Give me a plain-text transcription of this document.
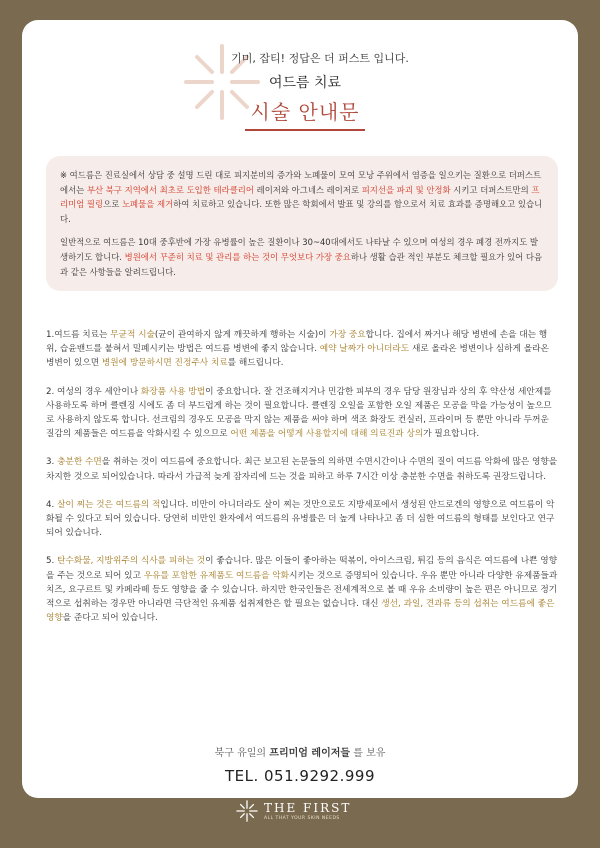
기미, 잡티! 정답은 더 퍼스트 입니다.
여드름 치료
시술 안내문

※ 여드름은 진료실에서 상담 중 설명 드린 대로 피지분비의 증가와 노폐물이 모여 모낭 주위에서 염증을 일으키는 질환으로 더퍼스트에서는 부산 북구 지역에서 최초로 도입한 테라클리어 레이저와 아그네스 레이저로 피지선을 파괴 및 안정화 시키고 더퍼스트만의 프리미엄 필링으로 노폐물을 제거하여 치료하고 있습니다. 또한 많은 학회에서 발표 및 강의를 함으로서 치료 효과를 증명해오고 있습니다.

일반적으로 여드름은 10대 중후반에 가장 유병률이 높은 질환이나 30~40대에서도 나타날 수 있으며 여성의 경우 폐경 전까지도 발생하기도 합니다. 병원에서 꾸준히 치료 및 관리를 하는 것이 무엇보다 가장 중요하나 생활 습관 적인 부분도 체크할 필요가 있어 다음과 같은 사항들을 알려드립니다.

1.여드름 치료는 무균적 시술(균이 관여하지 않게 깨끗하게 행하는 시술)이 가장 중요합니다. 집에서 짜거나 해당 병변에 손을 대는 행위, 습윤밴드를 붙혀서 밀폐시키는 방법은 여드름 병변에 좋지 않습니다. 예약 날짜가 아니더라도 새로 올라온 병변이나 심하게 올라온 병변이 있으면 병원에 방문하시면 진정주사 치료를 해드립니다.

2. 여성의 경우 세안이나 화장품 사용 방법이 중요합니다. 잘 건조해지거나 민감한 피부의 경우 담당 원장님과 상의 후 약산성 세안제를 사용하도록 하며 클렌징 시에도 좀 더 부드럽게 하는 것이 필요합니다. 클렌징 오일을 포함한 오일 제품은 모공을 막을 가능성이 높으므로 사용하지 않도록 합니다. 선크림의 경우도 모공을 막지 않는 제품을 써야 하며 색조 화장도 컨실러, 프라이머 등 뿐만 아니라 두꺼운 질감의 제품들은 여드름을 악화시킬 수 있으므로 어떤 제품을 어떻게 사용할지에 대해 의료진과 상의가 필요합니다.

3. 충분한 수면을 취하는 것이 여드름에 중요합니다. 최근 보고된 논문들의 의하면 수면시간이나 수면의 질이 여드름 악화에 많은 영향을 차지한 것으로 되어있습니다. 따라서 가급적 늦게 잠자리에 드는 것을 피하고 하루 7시간 이상 충분한 수면을 취하도록 권장드립니다.

4. 살이 찌는 것은 여드름의 적입니다. 비만이 아니더라도 살이 찌는 것만으로도 지방세포에서 생성된 안드로겐의 영향으로 여드름이 악화될 수 있다고 되어 있습니다. 당연히 비만인 환자에서 여드름의 유병률은 더 높게 나타나고 좀 더 심한 여드름의 형태를 보인다고 연구되어 있습니다.

5. 탄수화물, 지방위주의 식사를 피하는 것이 좋습니다. 많은 이들이 좋아하는 떡볶이, 아이스크림, 튀김 등의 음식은 여드름에 나쁜 영향을 주는 것으로 되어 있고 우유를 포함한 유제품도 여드름을 악화시키는 것으로 증명되어 있습니다. 우유 뿐만 아니라 다양한 유제품들과 치즈, 요구르트 및 카페라떼 등도 영향을 줄 수 있습니다. 하지만 한국인들은 전세계적으로 볼 때 우유 소비량이 높은 편은 아니므로 정기적으로 섭취하는 경우만 아니라면 극단적인 유제품 섭취제한은 할 필요는 없습니다. 대신 생선, 과일, 견과류 등의 섭취는 여드름에 좋은 영향을 준다고 되어 있습니다.

북구 유일의 프리미엄 레이저들 를 보유
TEL. 051.9292.999
THE FIRST
ALL THAT YOUR SKIN NEEDS
